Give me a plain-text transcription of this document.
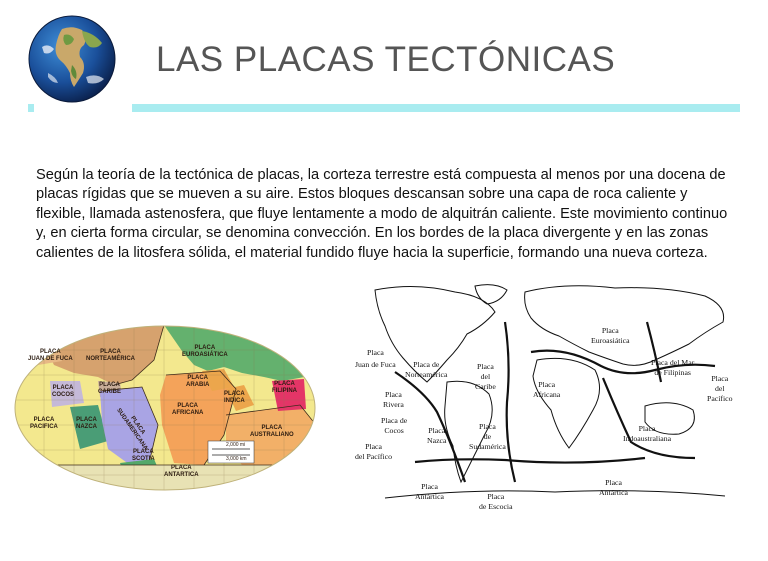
LAS PLACAS TECTÓNICAS

Según la teoría de la tectónica de placas, la corteza terrestre está compuesta al menos por una docena de placas rígidas que se mueven a su aire. Estos bloques descansan sobre una capa de roca caliente y flexible, llamada astenosfera, que fluye lentamente a modo de alquitrán caliente. Este movimiento continuo y, en cierta forma circular, se denomina convección. En los bordes de la placa divergente y en las zonas calientes de la litosfera sólida, el material fundido fluye hacia la superficie, formando una nueva corteza.

PLACA
JUAN DE FUCA
PLACA
NORTEAMÉRICA
PLACA
EUROASIÁTICA
PLACA
CARIBE
PLACA
ARABIA
PLACA
COCOS
PLACA
FILIPINA
PLACA
INDICA
PLACA
AFRICANA
PLACA
PACIFICA
PLACA
NAZCA	PLACA
SUDAMERICANA	PLACA
AUSTRALIANO
PLACA
SCOTIA
PLACA
ANTARTICA
2,000 mi
3,000 km
Placa
Euroasiática
Placa
Juan de Fuca	Placa de
Norteamérica
Placa
del
Caribe
Placa del Mar
de Filipinas
Placa
del
Pacífico
Placa
Africana
Placa
Rivera
Placa de
Cocos	Placa
Nazca
Placa
de
Sudamérica
Placa
Indoaustraliana
Placa
del Pacífico
Placa
Antártica	Placa
de Escocia
Placa
Antártica
